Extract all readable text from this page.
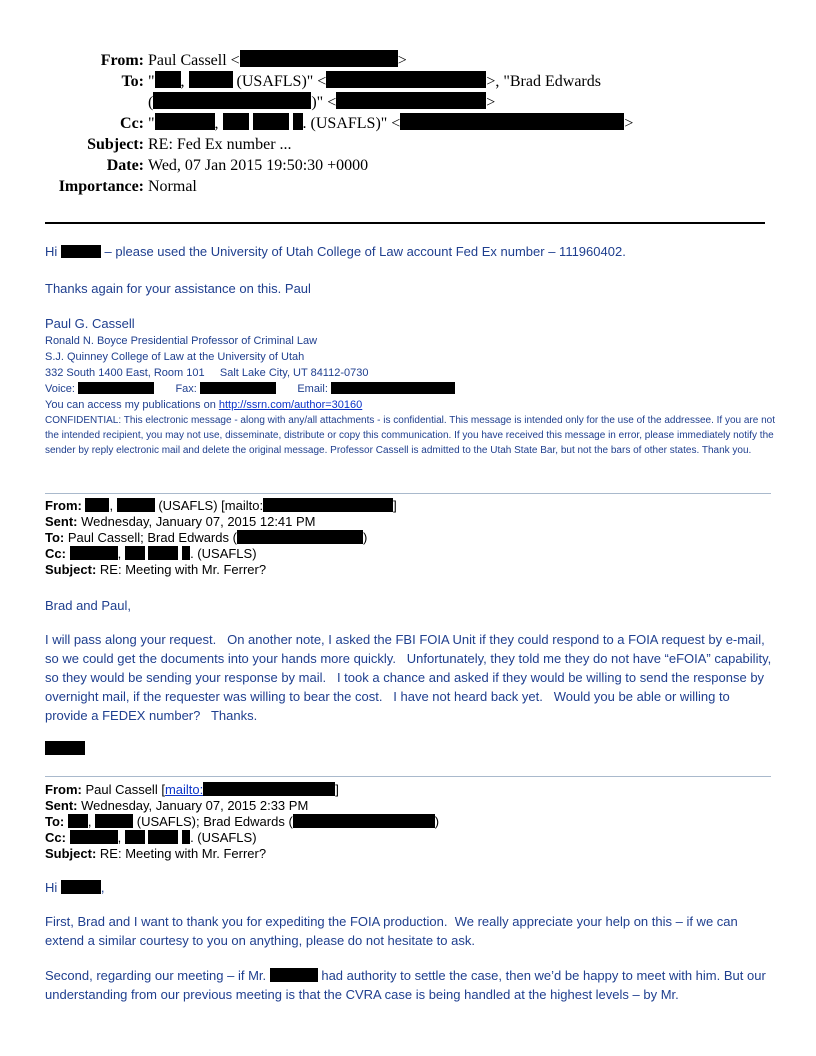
From: Paul Cassell <	>
To: " ,	(USAFLS)" <	>, "Brad Edwards
(	)" <	>
Cc: "	,	. (USAFLS)" <	>
Subject: RE: Fed Ex number ...
Date: Wed, 07 Jan 2015 19:50:30 +0000
Importance: Normal
Hi	– please used the University of Utah College of Law account Fed Ex number – 111960402.
Thanks again for your assistance on this. Paul
Paul G. Cassell
Ronald N. Boyce Presidential Professor of Criminal Law
S.J. Quinney College of Law at the University of Utah
332 South 1400 East, Room 101     Salt Lake City, UT 84112-0730
Voice:	Fax:	Email:
You can access my publications on http://ssrn.com/author=30160
CONFIDENTIAL: This electronic message - along with any/all attachments - is confidential. This message is intended only for the use of the addressee. If you are not the intended recipient, you may not use, disseminate, distribute or copy this communication. If you have received this message in error, please immediately notify the sender by reply electronic mail and delete the original message. Professor Cassell is admitted to the Utah State Bar, but not the bars of other states. Thank you.
From: ,	(USAFLS) [mailto:	]
Sent: Wednesday, January 07, 2015 12:41 PM
To: Paul Cassell; Brad Edwards (	)
Cc:	,	. (USAFLS)
Subject: RE: Meeting with Mr. Ferrer?
Brad and Paul,
I will pass along your request.   On another note, I asked the FBI FOIA Unit if they could respond to a FOIA request by e-mail, so we could get the documents into your hands more quickly.   Unfortunately, they told me they do not have “eFOIA” capability, so they would be sending your response by mail.   I took a chance and asked if they would be willing to send the response by overnight mail, if the requester was willing to bear the cost.   I have not heard back yet.   Would you be able or willing to provide a FEDEX number?   Thanks.
From: Paul Cassell [mailto:	]
Sent: Wednesday, January 07, 2015 2:33 PM
To: ,	(USAFLS); Brad Edwards (	)
Cc:	,	. (USAFLS)
Subject: RE: Meeting with Mr. Ferrer?
Hi	,
First, Brad and I want to thank you for expediting the FOIA production.  We really appreciate your help on this – if we can extend a similar courtesy to you on anything, please do not hesitate to ask.
Second, regarding our meeting – if Mr.	had authority to settle the case, then we’d be happy to meet with him. But our understanding from our previous meeting is that the CVRA case is being handled at the highest levels – by Mr.
